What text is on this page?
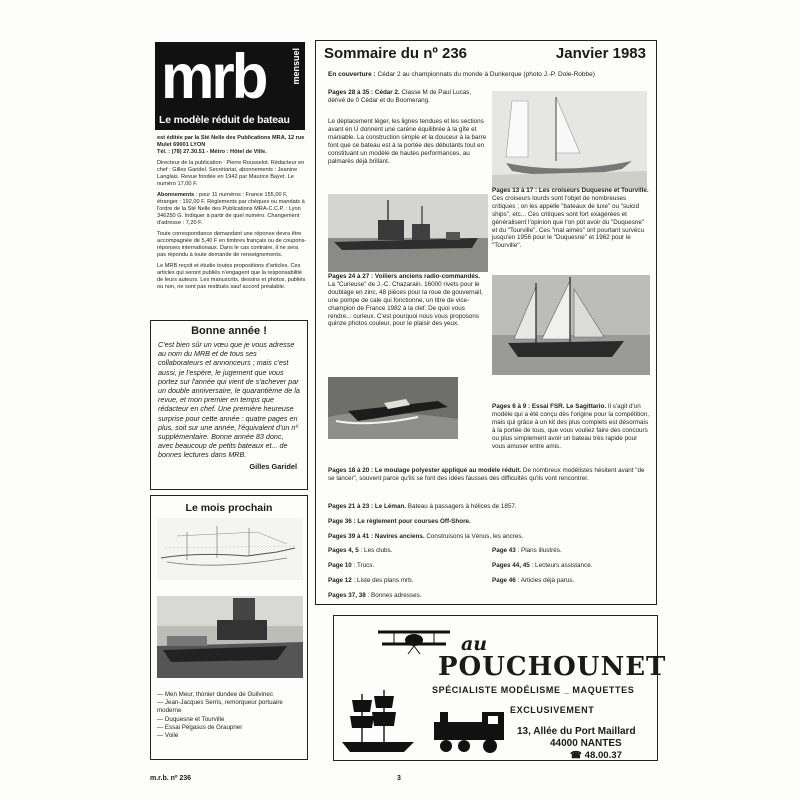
mrb	mensuel
Le modèle réduit de bateau

est éditée par la Sté Nelle des Publications MRA, 12 rue Mulet 69001 LYON
Tél. : (78) 27.30.51 - Métro : Hôtel de Ville.

Directeur de la publication : Pierre Rousselot. Rédacteur en chef : Gilles Garidel. Secrétariat, abonnements : Jeanine Langlais. Revue fondée en 1942 par Maurice Bayet. Le numéro 17,00 F.

Abonnements : pour 11 numéros : France 155,00 F, étranger : 192,00 F. Règlements par chèques ou mandats à l'ordre de la Sté Nelle des Publications MRA-C.C.P. : Lyon 346250 G. Indiquer à partir de quel numéro. Changement d'adresse : 7,20 F.

Toute correspondance demandant une réponse devra être accompagnée de 5,40 F en timbres français ou de coupons-réponses internationaux. Dans le cas contraire, il ne sera pas répondu à toute demande de renseignements.

Le MRB reçoit et étudie toutes propositions d'articles. Ces articles qui seront publiés n'engagent que la responsabilité de leurs auteurs. Les manuscrits, dessins et photos, publiés ou non, ne sont pas restitués sauf accord préalable.

Bonne année !
C'est bien sûr un vœu que je vous adresse au nom du MRB et de tous ses collaborateurs et annonceurs ; mais c'est aussi, je l'espère, le jugement que vous portez sur l'année qui vient de s'achever par un double anniversaire, le quarantième de la revue, et mon premier en temps que rédacteur en chef. Une première heureuse surprise pour cette année : quatre pages en plus, soit sur une année, l'équivalent d'un nº supplémentaire. Bonne année 83 donc, avec beaucoup de petits bateaux et... de bonnes lectures dans MRB.
Gilles Garidel
Le mois prochain
— Men Meur, thonier dundee de Guilvinec
— Jean-Jacques Serris, remorqueur portuaire moderne
— Duquesne et Tourville
— Essai Pégasus de Graupner
— Voile
Sommaire du nº 236	Janvier 1983
En couverture : Cédar 2 au championnats du monde à Dunkerque (photo J.-P. Dole-Robbe)
Pages 28 à 35 : Cédar 2. Classe M de Paul Lucas, dérivé de 0 Cédar et du Boomerang.
Le déplacement léger, les lignes tendues et les sections avant en U donnent une carène équilibrée à la gîte et maniable. La construction simple et la douceur à la barre font que ce bateau est à la portée des débutants tout en constituant un modèle de hautes performances, au palmarès déjà brillant.
Pages 13 à 17 : Les croiseurs Duquesne et Tourville. Ces croiseurs lourds sont l'objet de nombreuses critiques ; on les appelle "bateaux de luxe" ou "suicid ships", etc... Ces critiques sont fort exagérées et généralisent l'opinion que l'on pût avoir du "Duquesne" et du "Tourville". Ces "mal aimés" ont pourtant survécu jusqu'en 1956 pour le "Duquesne" et 1962 pour le "Tourville".
Pages 24 à 27 : Voiliers anciens radio-commandés. La "Curieuse" de J.-C. Chazarain. 16000 rivets pour le doublage en zinc, 48 pièces pour la roue de gouvernail, une pompe de cale qui fonctionne, un titre de vice-champion de France 1982 à la clef. De quoi vous rendre... curieux. C'est pourquoi nous vous proposons quinze photos couleur, pour le plaisir des yeux.
Pages 6 à 9 : Essai FSR. Le Sagittario. Il s'agit d'un modèle qui a été conçu dès l'origine pour la compétition, mais qui grâce à un kit des plus complets est désormais à la portée de tous, que vous vouliez faire des concours ou plus simplement avoir un bateau très rapide pour vous amuser entre amis.
Pages 18 à 20 : Le moulage polyester appliqué au modèle réduit. De nombreux modélistes hésitent avant "de se lancer", souvent parce qu'ils se font des idées fausses des difficultés qu'ils vont rencontrer.
Pages 21 à 23 : Le Léman. Bateau à passagers à hélices de 1857.
Page 36 : Le règlement pour courses Off-Shore.
Pages 39 à 41 : Navires anciens. Construisons la Vénus, les ancres.
Pages 4, 5 : Les clubs.
Page 10 : Trucs.
Page 12 : Liste des plans mrb.
Pages 37, 38 : Bonnes adresses.
Page 43 : Plans illustrés.
Pages 44, 45 : Lecteurs assistance.
Page 46 : Articles déjà parus.
au
POUCHOUNET
SPÉCIALISTE MODÉLISME _ MAQUETTES
EXCLUSIVEMENT
13, Allée du Port Maillard
44000 NANTES
☎ 48.00.37
m.r.b. nº 236	3
